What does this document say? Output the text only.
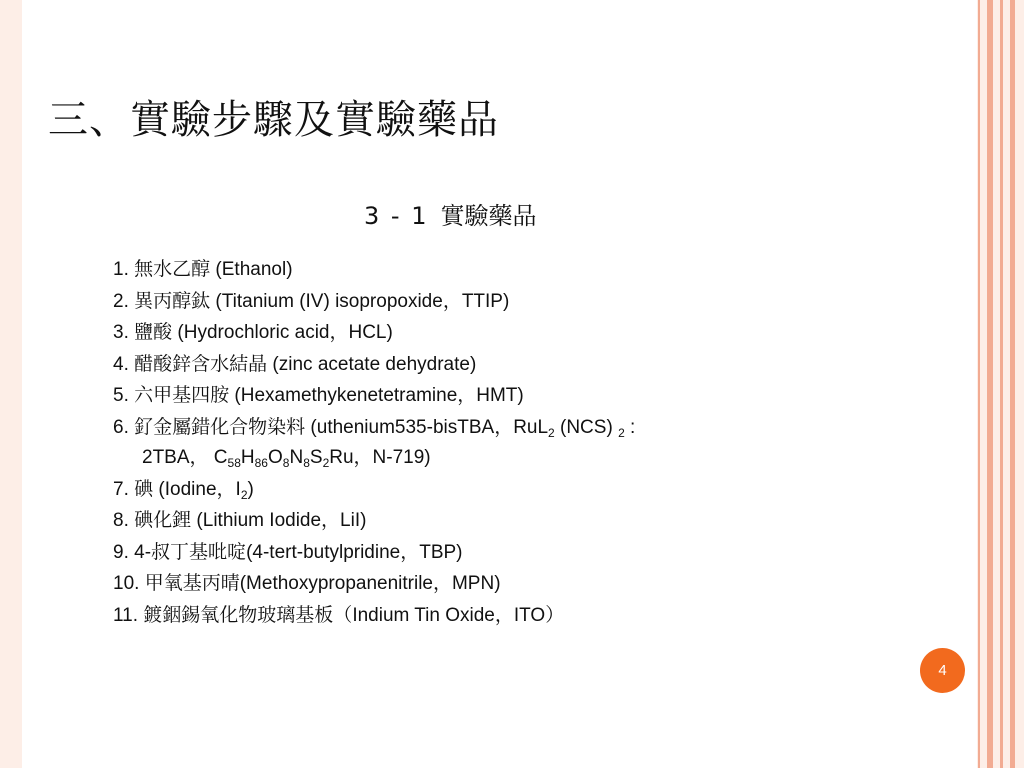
三、實驗步驟及實驗藥品
3 - 1 實驗藥品
1. 無水乙醇 (Ethanol)
2. 異丙醇鈦 (Titanium (IV) isopropoxide，TTIP)
3. 鹽酸 (Hydrochloric acid，HCL)
4. 醋酸鋅含水結晶 (zinc acetate dehydrate)
5. 六甲基四胺 (Hexamethykenetetramine，HMT)
6. 釕金屬錯化合物染料 (uthenium535-bisTBA，RuL$_2$ (NCS) $_2$ :
2TBA， $C_{58}H_{86}O_8N_8S_2Ru$，N-719)
7. 碘 (Iodine，$I_2$)
8. 碘化鋰 (Lithium Iodide，LiI)
9. 4-叔丁基吡啶(4-tert-butylpridine，TBP)
10. 甲氧基丙晴(Methoxypropanenitrile，MPN)
11. 鍍銦錫氧化物玻璃基板（Indium Tin Oxide，ITO）
4
